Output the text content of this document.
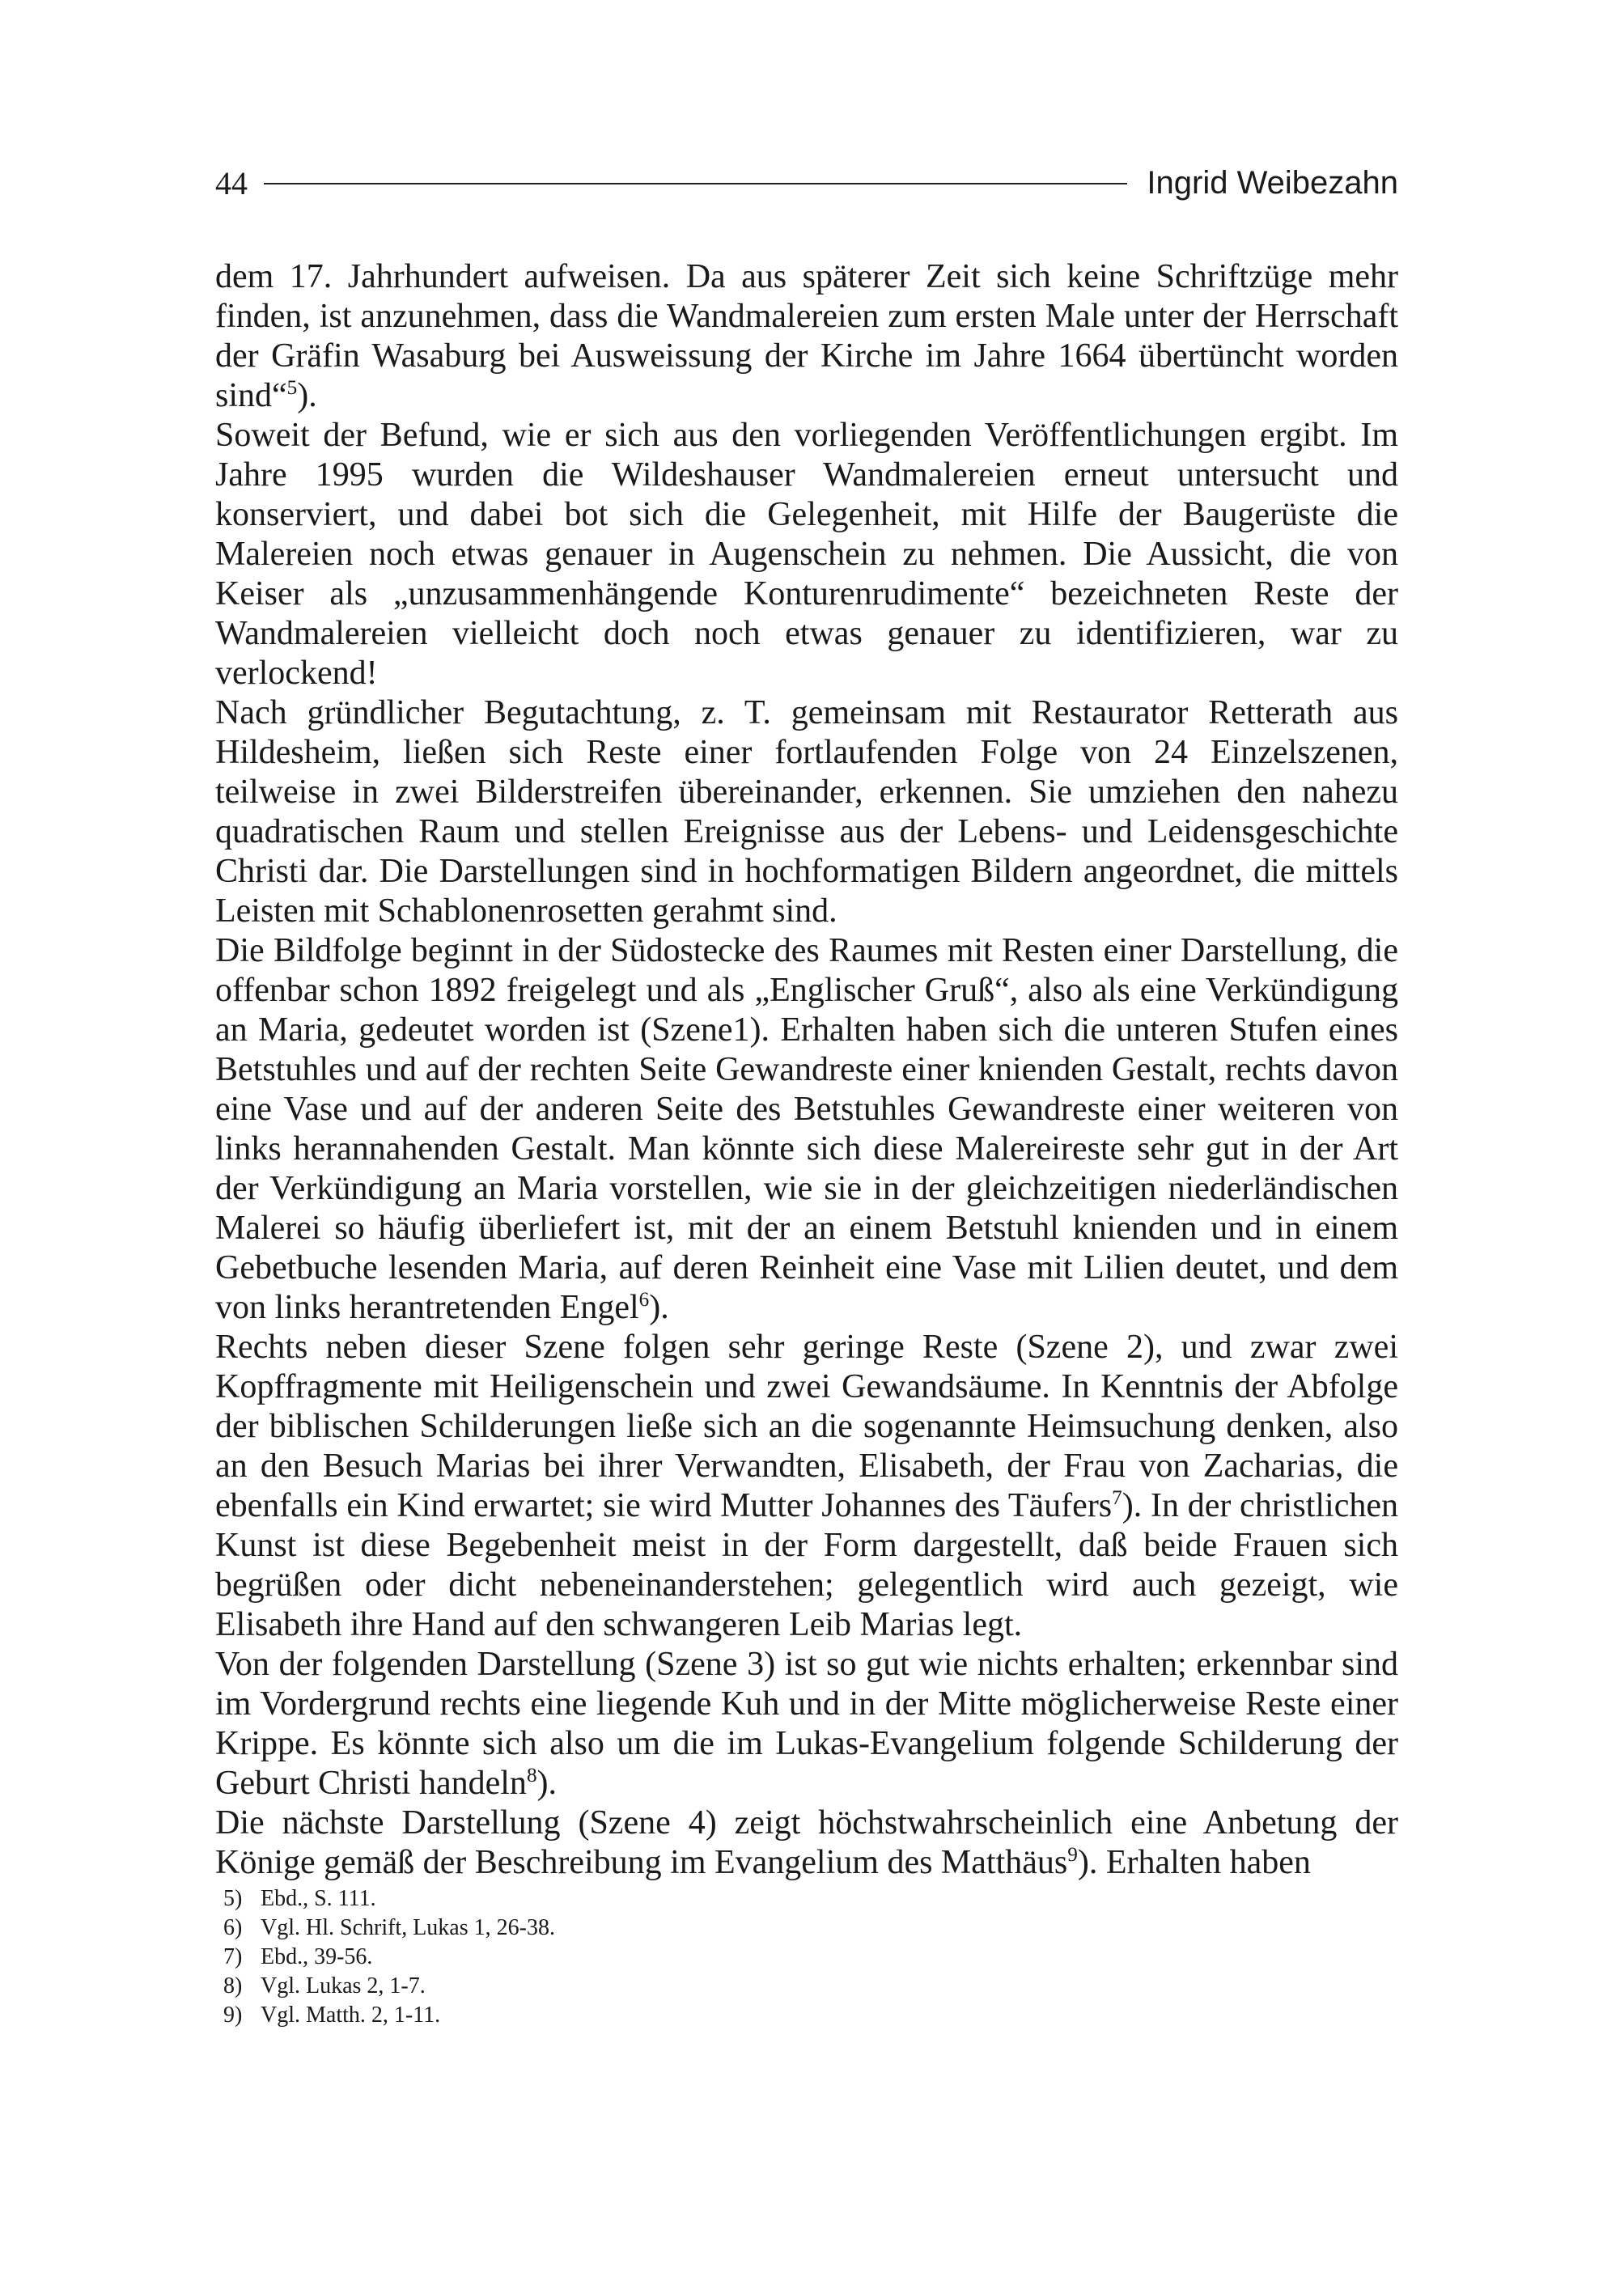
44	Ingrid Weibezahn

dem 17. Jahrhundert aufweisen. Da aus späterer Zeit sich keine Schriftzüge mehr finden, ist anzunehmen, dass die Wandmalereien zum ersten Male unter der Herrschaft der Gräfin Wasaburg bei Ausweissung der Kirche im Jahre 1664 übertüncht worden sind“$^5$).

Soweit der Befund, wie er sich aus den vorliegenden Veröffentlichungen ergibt. Im Jahre 1995 wurden die Wildeshauser Wandmalereien erneut untersucht und konserviert, und dabei bot sich die Gelegenheit, mit Hilfe der Baugerüste die Malereien noch etwas genauer in Augenschein zu nehmen. Die Aussicht, die von Keiser als „unzusammenhängende Konturenrudimente“ bezeichneten Reste der Wandmalereien vielleicht doch noch etwas genauer zu identifizieren, war zu verlockend!

Nach gründlicher Begutachtung, z. T. gemeinsam mit Restaurator Retterath aus Hildesheim, ließen sich Reste einer fortlaufenden Folge von 24 Einzelszenen, teilweise in zwei Bilderstreifen übereinander, erkennen. Sie umziehen den nahezu quadratischen Raum und stellen Ereignisse aus der Lebens- und Leidensgeschichte Christi dar. Die Darstellungen sind in hochformatigen Bildern angeordnet, die mittels Leisten mit Schablonenrosetten gerahmt sind.

Die Bildfolge beginnt in der Südostecke des Raumes mit Resten einer Darstellung, die offenbar schon 1892 freigelegt und als „Englischer Gruß“, also als eine Verkündigung an Maria, gedeutet worden ist (Szene1). Erhalten haben sich die unteren Stufen eines Betstuhles und auf der rechten Seite Gewandreste einer knienden Gestalt, rechts davon eine Vase und auf der anderen Seite des Betstuhles Gewandreste einer weiteren von links herannahenden Gestalt. Man könnte sich diese Malereireste sehr gut in der Art der Verkündigung an Maria vorstellen, wie sie in der gleichzeitigen niederländischen Malerei so häufig überliefert ist, mit der an einem Betstuhl knienden und in einem Gebetbuche lesenden Maria, auf deren Reinheit eine Vase mit Lilien deutet, und dem von links herantretenden Engel$^6$).

Rechts neben dieser Szene folgen sehr geringe Reste (Szene 2), und zwar zwei Kopffragmente mit Heiligenschein und zwei Gewandsäume. In Kenntnis der Abfolge der biblischen Schilderungen ließe sich an die sogenannte Heimsuchung denken, also an den Besuch Marias bei ihrer Verwandten, Elisabeth, der Frau von Zacharias, die ebenfalls ein Kind erwartet; sie wird Mutter Johannes des Täufers$^7$). In der christlichen Kunst ist diese Begebenheit meist in der Form dargestellt, daß beide Frauen sich begrüßen oder dicht nebeneinanderstehen; gelegentlich wird auch gezeigt, wie Elisabeth ihre Hand auf den schwangeren Leib Marias legt.

Von der folgenden Darstellung (Szene 3) ist so gut wie nichts erhalten; erkennbar sind im Vordergrund rechts eine liegende Kuh und in der Mitte möglicherweise Reste einer Krippe. Es könnte sich also um die im Lukas-Evangelium folgende Schilderung der Geburt Christi handeln$^8$).

Die nächste Darstellung (Szene 4) zeigt höchstwahrscheinlich eine Anbetung der Könige gemäß der Beschreibung im Evangelium des Matthäus$^9$). Erhalten haben

5) Ebd., S. 111.
6) Vgl. Hl. Schrift, Lukas 1, 26-38.
7) Ebd., 39-56.
8) Vgl. Lukas 2, 1-7.
9) Vgl. Matth. 2, 1-11.
